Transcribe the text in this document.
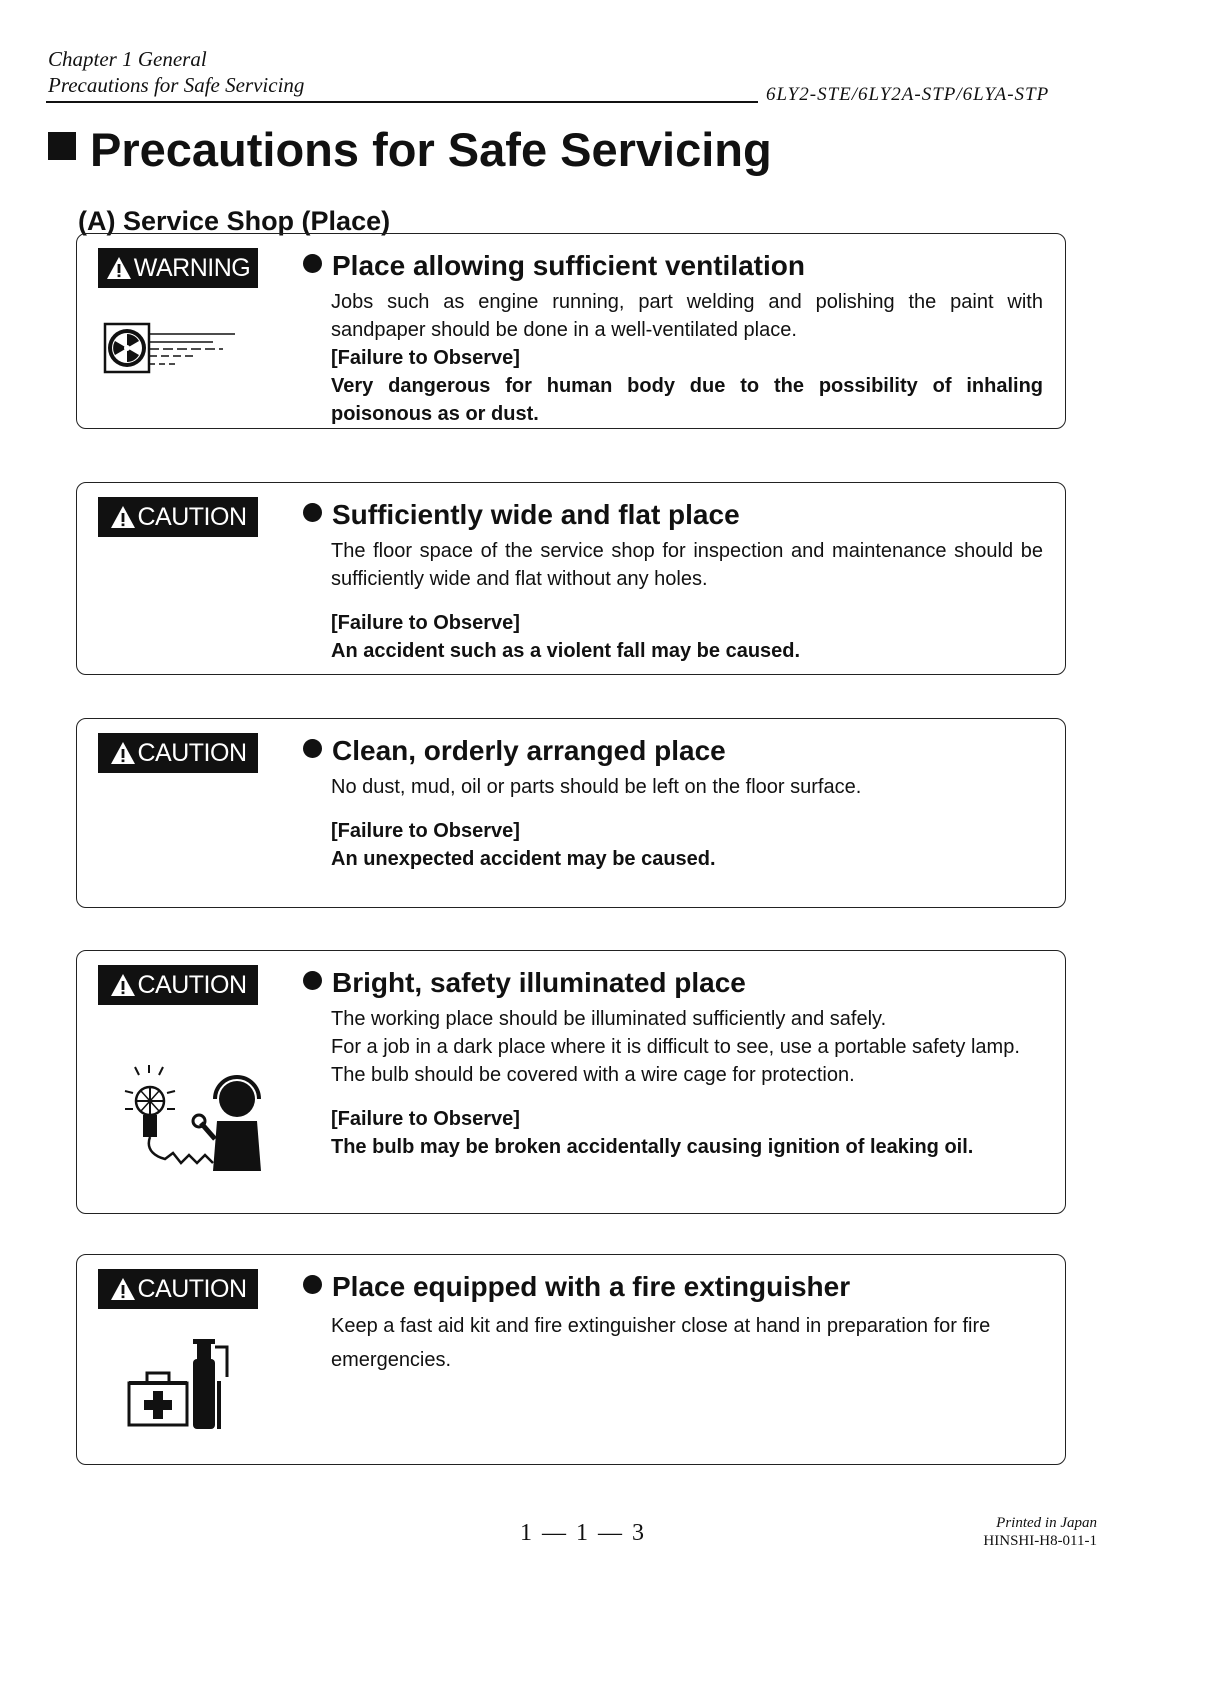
Chapter 1 General
Precautions for Safe Servicing	6LY2-STE/6LY2A-STP/6LYA-STP
Precautions for Safe Servicing
(A) Service Shop (Place)
WARNING	Place allowing sufficient ventilation

Jobs such as engine running, part welding and polishing the paint with sandpaper should be done in a well-ventilated place.

[Failure to Observe]

Very dangerous for human body due to the possibility of inhaling poisonous as or dust.

CAUTION	Sufficiently wide and flat place

The floor space of the service shop for inspection and maintenance should be sufficiently wide and flat without any holes.

[Failure to Observe]

An accident such as a violent fall may be caused.

CAUTION	Clean, orderly arranged place

No dust, mud, oil or parts should be left on the floor surface.

[Failure to Observe]

An unexpected accident may be caused.

CAUTION	Bright, safety illuminated place

The working place should be illuminated sufficiently and safely.

For a job in a dark place where it is difficult to see, use a portable safety lamp.

The bulb should be covered with a wire cage for protection.

[Failure to Observe]

The bulb may be broken accidentally causing ignition of leaking oil.

CAUTION	Place equipped with a fire extinguisher

Keep a fast aid kit and fire extinguisher close at hand in preparation for fire emergencies.

1 — 1 — 3	Printed in Japan
HINSHI-H8-011-1
